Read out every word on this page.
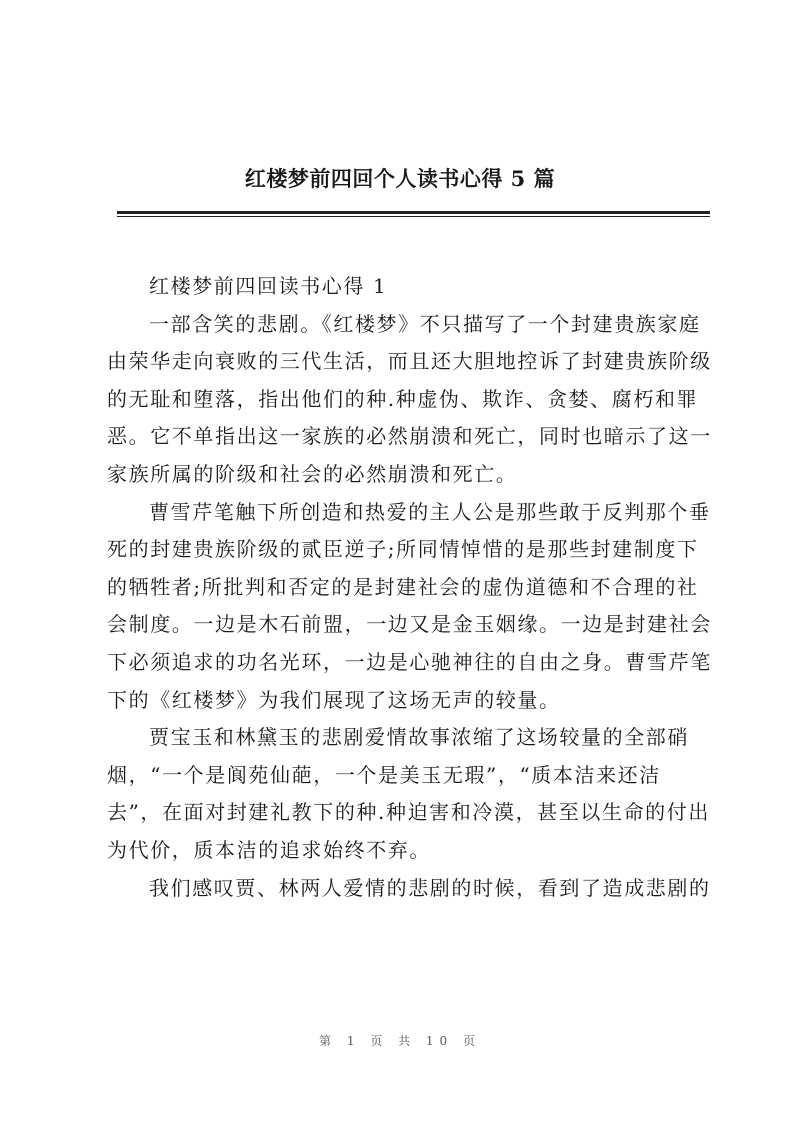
红楼梦前四回个人读书心得 5 篇
红楼梦前四回读书心得 1
一部含笑的悲剧。《红楼梦》不只描写了一个封建贵族家庭
由荣华走向衰败的三代生活，而且还大胆地控诉了封建贵族阶级
的无耻和堕落，指出他们的种.种虚伪、欺诈、贪婪、腐朽和罪
恶。它不单指出这一家族的必然崩溃和死亡，同时也暗示了这一
家族所属的阶级和社会的必然崩溃和死亡。
曹雪芹笔触下所创造和热爱的主人公是那些敢于反判那个垂
死的封建贵族阶级的贰臣逆子;所同情悼惜的是那些封建制度下
的牺牲者;所批判和否定的是封建社会的虚伪道德和不合理的社
会制度。一边是木石前盟，一边又是金玉姻缘。一边是封建社会
下必须追求的功名光环，一边是心驰神往的自由之身。曹雪芹笔
下的《红楼梦》为我们展现了这场无声的较量。
贾宝玉和林黛玉的悲剧爱情故事浓缩了这场较量的全部硝
烟，“一个是阆苑仙葩，一个是美玉无瑕”，“质本洁来还洁
去”，在面对封建礼教下的种.种迫害和冷漠，甚至以生命的付出
为代价，质本洁的追求始终不弃。
我们感叹贾、林两人爱情的悲剧的时候，看到了造成悲剧的
第 1 页 共 10 页
